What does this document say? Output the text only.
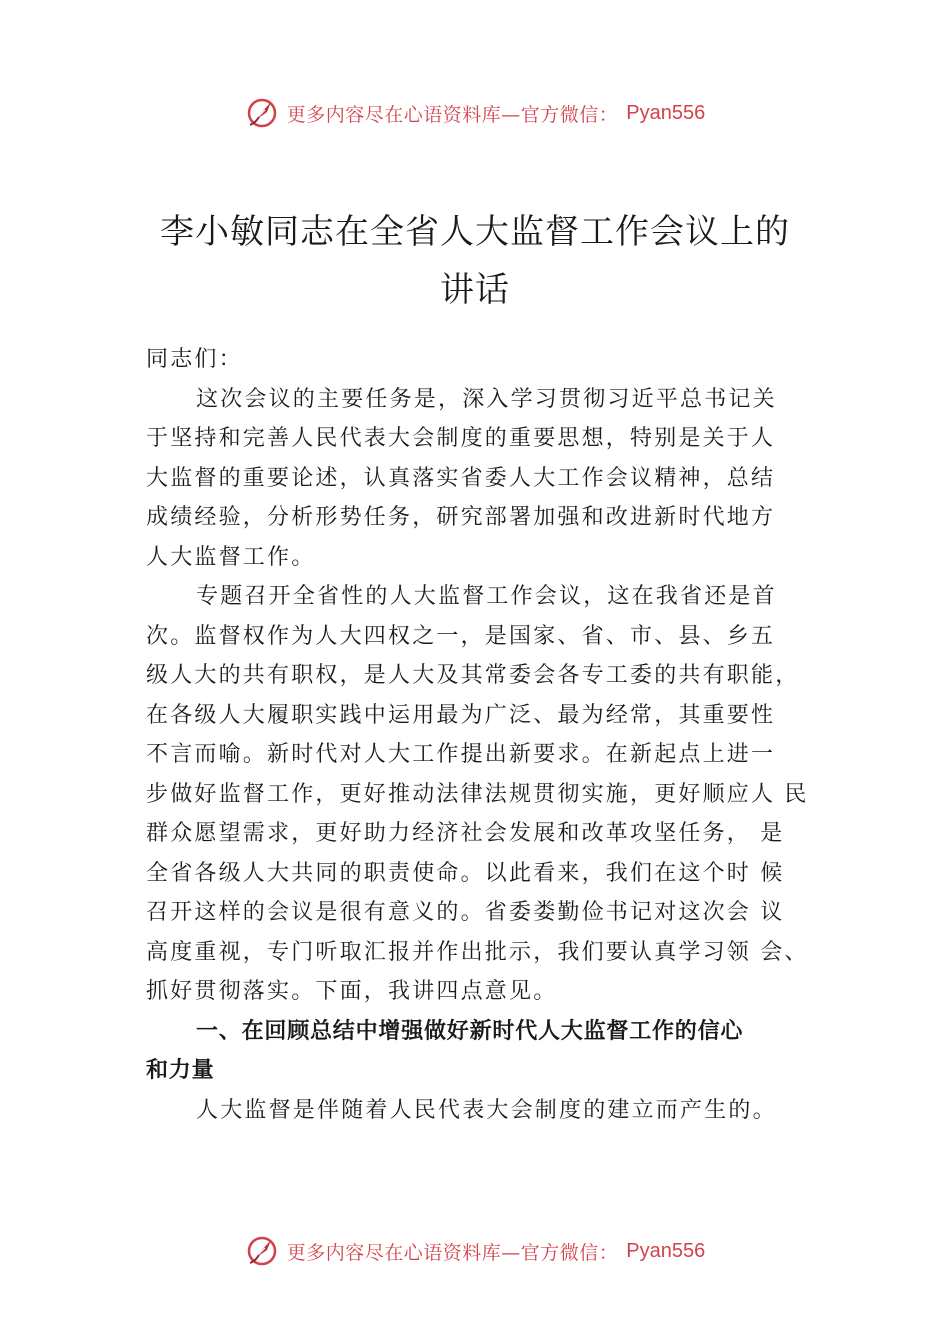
更多内容尽在心语资料库—官方微信： Pyan556
李小敏同志在全省人大监督工作会议上的
讲话
同志们：
这次会议的主要任务是，深入学习贯彻习近平总书记关
于坚持和完善人民代表大会制度的重要思想，特别是关于人
大监督的重要论述，认真落实省委人大工作会议精神，总结
成绩经验，分析形势任务，研究部署加强和改进新时代地方
人大监督工作。
专题召开全省性的人大监督工作会议，这在我省还是首
次。监督权作为人大四权之一，是国家、省、市、县、乡五
级人大的共有职权，是人大及其常委会各专工委的共有职能，
在各级人大履职实践中运用最为广泛、最为经常，其重要性
不言而喻。新时代对人大工作提出新要求。在新起点上进一
步做好监督工作，更好推动法律法规贯彻实施，更好顺应人 民
群众愿望需求，更好助力经济社会发展和改革攻坚任务， 是
全省各级人大共同的职责使命。以此看来，我们在这个时 候
召开这样的会议是很有意义的。省委娄勤俭书记对这次会 议
高度重视，专门听取汇报并作出批示，我们要认真学习领 会、
抓好贯彻落实。下面，我讲四点意见。
一、在回顾总结中增强做好新时代人大监督工作的信心
和力量
人大监督是伴随着人民代表大会制度的建立而产生的。
更多内容尽在心语资料库—官方微信： Pyan556
